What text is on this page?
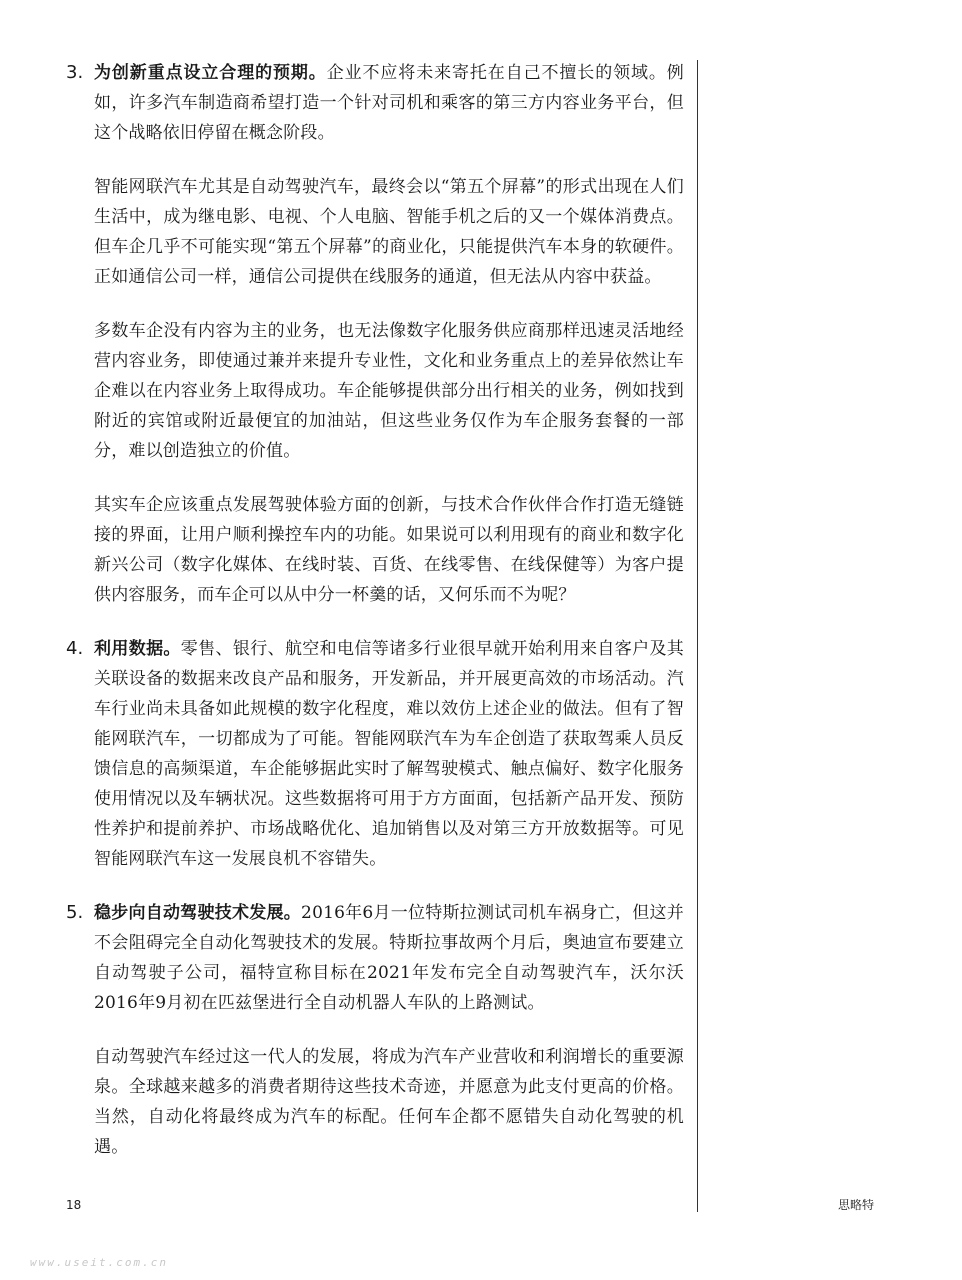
3. 为创新重点设立合理的预期。企业不应将未来寄托在自己不擅长的领域。例如，许多汽车制造商希望打造一个针对司机和乘客的第三方内容业务平台，但这个战略依旧停留在概念阶段。

智能网联汽车尤其是自动驾驶汽车，最终会以“第五个屏幕”的形式出现在人们生活中，成为继电影、电视、个人电脑、智能手机之后的又一个媒体消费点。但车企几乎不可能实现“第五个屏幕”的商业化，只能提供汽车本身的软硬件。正如通信公司一样，通信公司提供在线服务的通道，但无法从内容中获益。

多数车企没有内容为主的业务，也无法像数字化服务供应商那样迅速灵活地经营内容业务，即使通过兼并来提升专业性，文化和业务重点上的差异依然让车企难以在内容业务上取得成功。车企能够提供部分出行相关的业务，例如找到附近的宾馆或附近最便宜的加油站，但这些业务仅作为车企服务套餐的一部分，难以创造独立的价值。

其实车企应该重点发展驾驶体验方面的创新，与技术合作伙伴合作打造无缝链接的界面，让用户顺利操控车内的功能。如果说可以利用现有的商业和数字化新兴公司（数字化媒体、在线时装、百货、在线零售、在线保健等）为客户提供内容服务，而车企可以从中分一杯羹的话，又何乐而不为呢？

4. 利用数据。零售、银行、航空和电信等诸多行业很早就开始利用来自客户及其关联设备的数据来改良产品和服务，开发新品，并开展更高效的市场活动。汽车行业尚未具备如此规模的数字化程度，难以效仿上述企业的做法。但有了智能网联汽车，一切都成为了可能。智能网联汽车为车企创造了获取驾乘人员反馈信息的高频渠道，车企能够据此实时了解驾驶模式、触点偏好、数字化服务使用情况以及车辆状况。这些数据将可用于方方面面，包括新产品开发、预防性养护和提前养护、市场战略优化、追加销售以及对第三方开放数据等。可见智能网联汽车这一发展良机不容错失。

5. 稳步向自动驾驶技术发展。2016年6月一位特斯拉测试司机车祸身亡，但这并不会阻碍完全自动化驾驶技术的发展。特斯拉事故两个月后，奥迪宣布要建立自动驾驶子公司，福特宣称目标在2021年发布完全自动驾驶汽车，沃尔沃2016年9月初在匹兹堡进行全自动机器人车队的上路测试。

自动驾驶汽车经过这一代人的发展，将成为汽车产业营收和利润增长的重要源泉。全球越来越多的消费者期待这些技术奇迹，并愿意为此支付更高的价格。当然，自动化将最终成为汽车的标配。任何车企都不愿错失自动化驾驶的机遇。

18	思略特
www.useit.com.cn
